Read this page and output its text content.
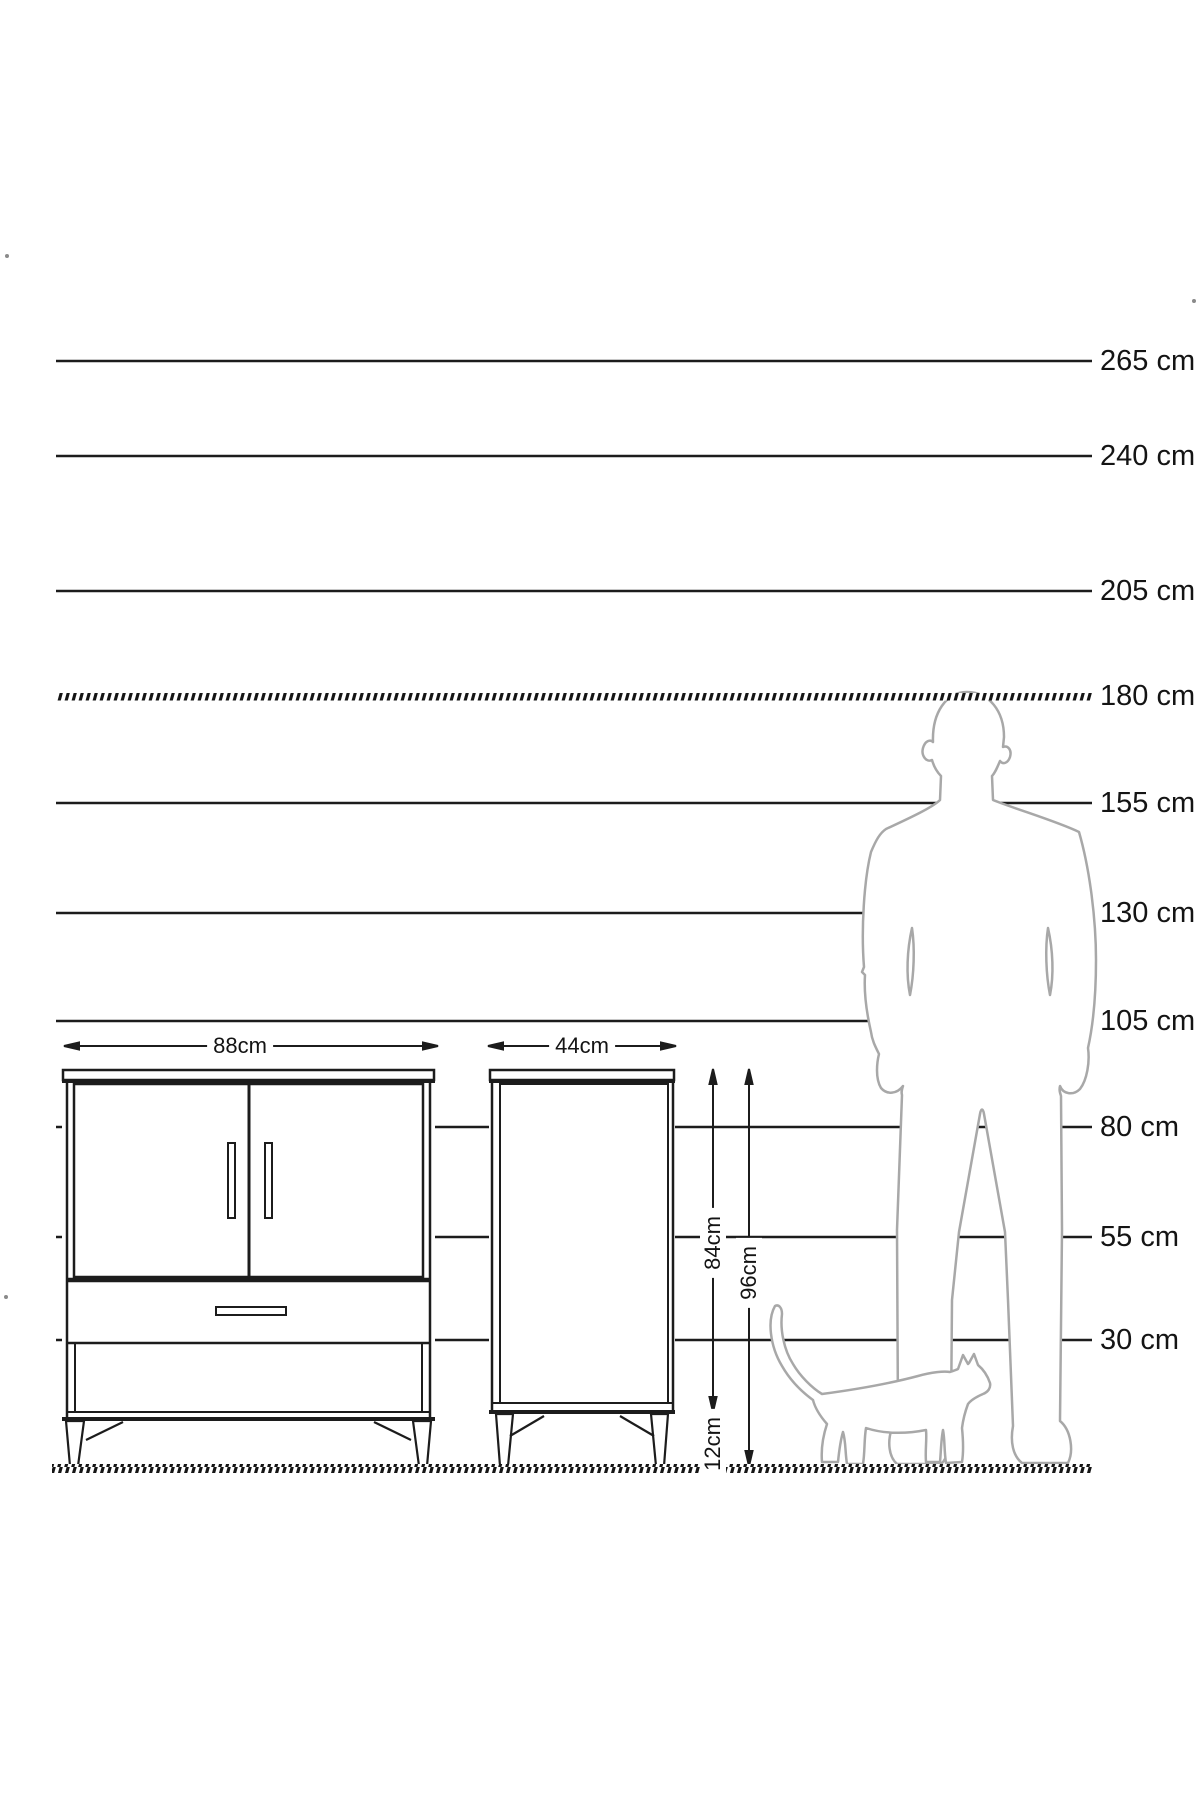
265 cm
240 cm
205 cm
180 cm
155 cm
130 cm
105 cm
80 cm
55 cm
30 cm
88cm	44cm
84cm
96cm
12cm
